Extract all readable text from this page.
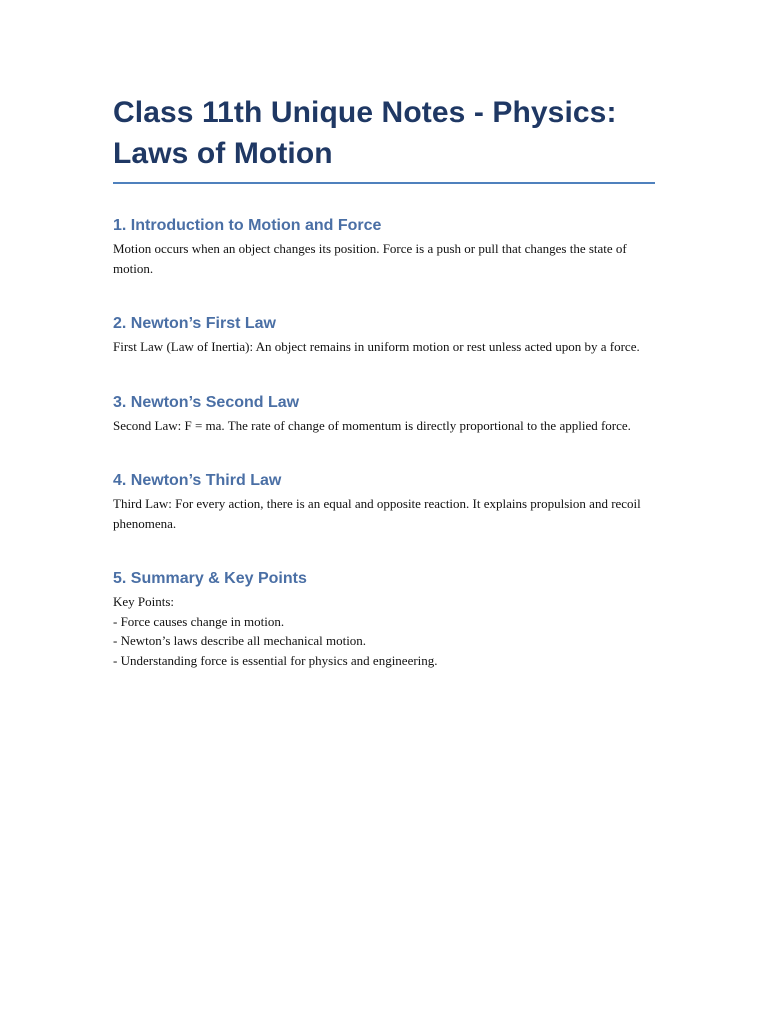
Class 11th Unique Notes - Physics: Laws of Motion
1. Introduction to Motion and Force

Motion occurs when an object changes its position. Force is a push or pull that changes the state of motion.

2. Newton’s First Law

First Law (Law of Inertia): An object remains in uniform motion or rest unless acted upon by a force.

3. Newton’s Second Law

Second Law: F = ma. The rate of change of momentum is directly proportional to the applied force.

4. Newton’s Third Law

Third Law: For every action, there is an equal and opposite reaction. It explains propulsion and recoil phenomena.

5. Summary & Key Points
Key Points:
- Force causes change in motion.
- Newton’s laws describe all mechanical motion.
- Understanding force is essential for physics and engineering.
